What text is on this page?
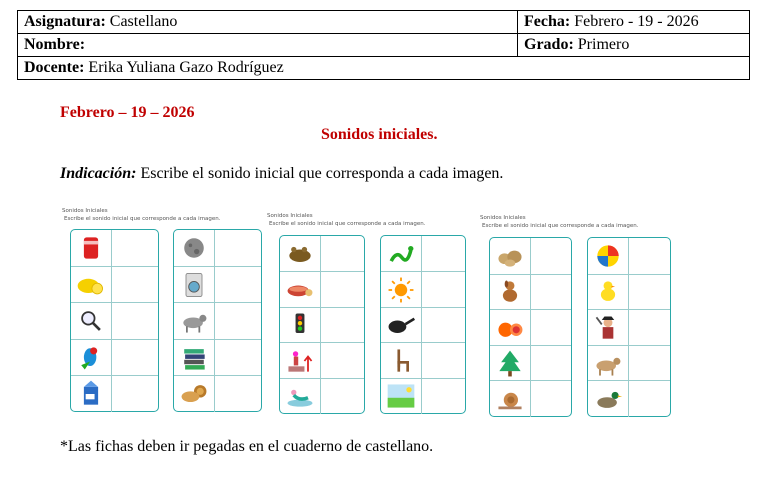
Asignatura: Castellano	Fecha: Febrero - 19 - 2026
Nombre:	Grado: Primero
Docente: Erika Yuliana Gazo Rodríguez	
Febrero – 19 – 2026
Sonidos iniciales.
Indicación: Escribe el sonido inicial que corresponda a cada imagen.
Sonidos Iniciales
Escribe el sonido inicial que corresponde a cada imagen.	Sonidos Iniciales
Escribe el sonido inicial que corresponde a cada imagen.
Sonidos Iniciales
Escribe el sonido inicial que corresponde a cada imagen.
*Las fichas deben ir pegadas en el cuaderno de castellano.
